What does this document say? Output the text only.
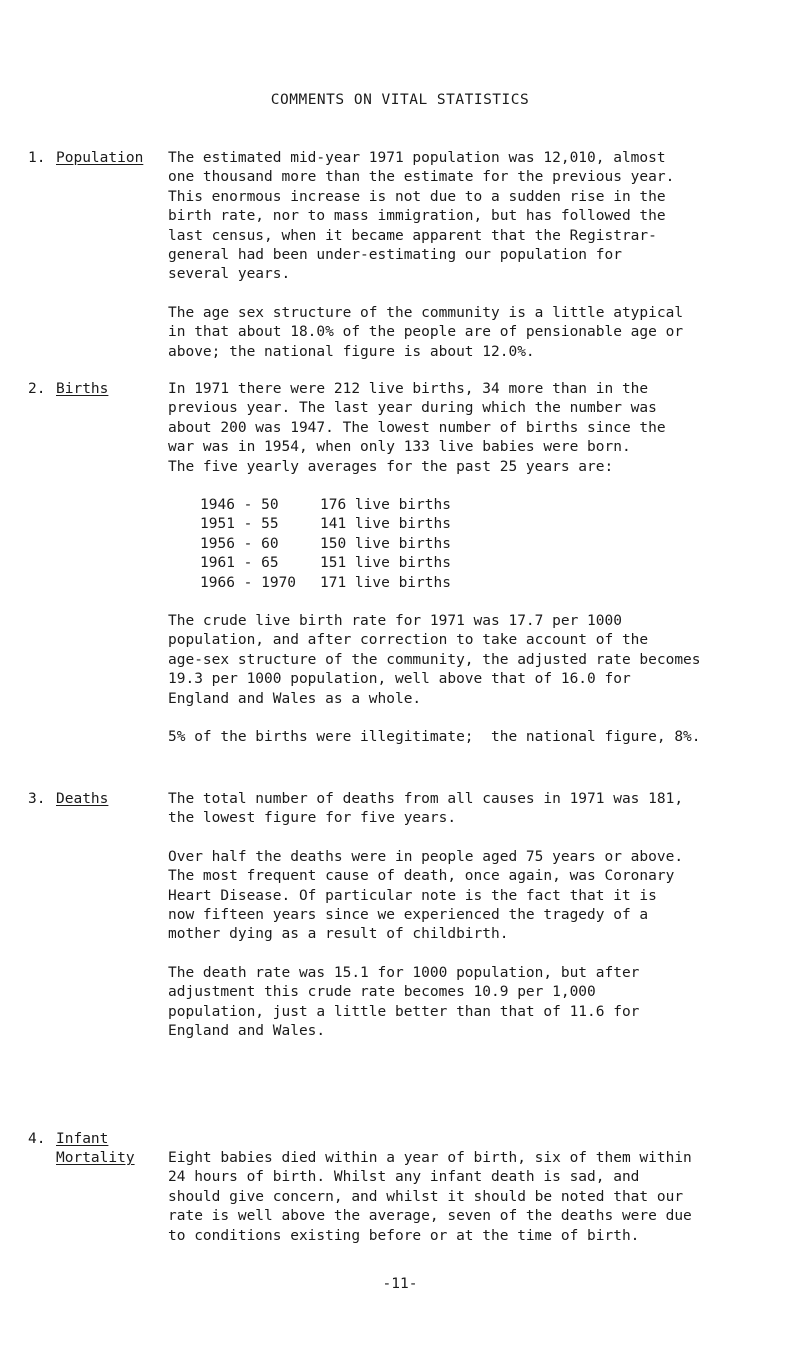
COMMENTS ON VITAL STATISTICS
1. Population	The estimated mid-year 1971 population was 12,010, almost
one thousand more than the estimate for the previous year.
This enormous increase is not due to a sudden rise in the
birth rate, nor to mass immigration, but has followed the
last census, when it became apparent that the Registrar-
general had been under-estimating our population for
several years.

The age sex structure of the community is a little atypical
in that about 18.0% of the people are of pensionable age or
above; the national figure is about 12.0%.

2. Births	In 1971 there were 212 live births, 34 more than in the
previous year. The last year during which the number was
about 200 was 1947. The lowest number of births since the
war was in 1954, when only 133 live babies were born.
The five yearly averages for the past 25 years are:

1946 - 50	176 live births
1951 - 55	141 live births
1956 - 60	150 live births
1961 - 65	151 live births
1966 - 1970	171 live births

The crude live birth rate for 1971 was 17.7 per 1000
population, and after correction to take account of the
age-sex structure of the community, the adjusted rate becomes
19.3 per 1000 population, well above that of 16.0 for
England and Wales as a whole.

5% of the births were illegitimate;  the national figure, 8%.

3. Deaths	The total number of deaths from all causes in 1971 was 181,
the lowest figure for five years.

Over half the deaths were in people aged 75 years or above.
The most frequent cause of death, once again, was Coronary
Heart Disease. Of particular note is the fact that it is
now fifteen years since we experienced the tragedy of a
mother dying as a result of childbirth.

The death rate was 15.1 for 1000 population, but after
adjustment this crude rate becomes 10.9 per 1,000
population, just a little better than that of 11.6 for
England and Wales.

4. Infant
Mortality	Eight babies died within a year of birth, six of them within
24 hours of birth. Whilst any infant death is sad, and
should give concern, and whilst it should be noted that our
rate is well above the average, seven of the deaths were due
to conditions existing before or at the time of birth.

-11-
